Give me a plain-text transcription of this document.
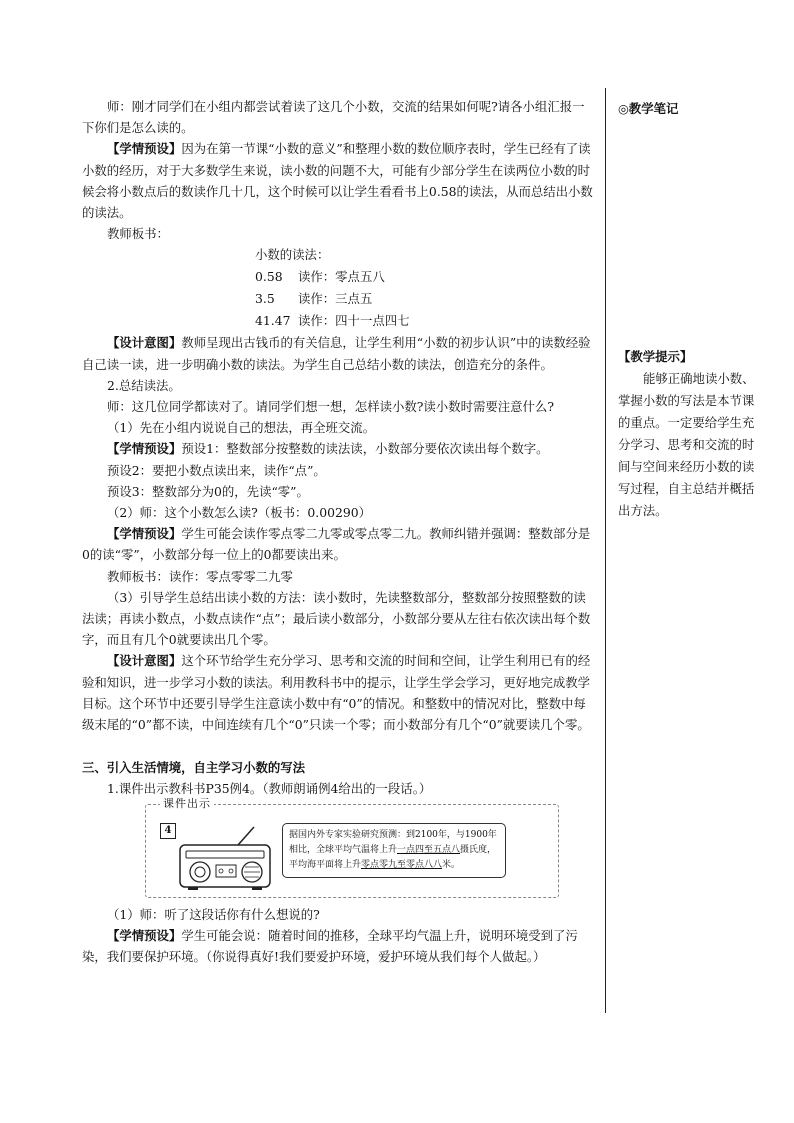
师：刚才同学们在小组内都尝试着读了这几个小数，交流的结果如何呢?请各小组汇报一下你们是怎么读的。

【学情预设】因为在第一节课“小数的意义”和整理小数的数位顺序表时，学生已经有了读小数的经历，对于大多数学生来说，读小数的问题不大，可能有少部分学生在读两位小数的时候会将小数点后的数读作几十几，这个时候可以让学生看看书上0.58的读法，从而总结出小数的读法。

教师板书：

小数的读法：
0.58 读作：零点五八
3.5 读作：三点五
41.47 读作：四十一点四七

【设计意图】教师呈现出古钱币的有关信息，让学生利用“小数的初步认识”中的读数经验自己读一读，进一步明确小数的读法。为学生自己总结小数的读法，创造充分的条件。

2.总结读法。

师：这几位同学都读对了。请同学们想一想，怎样读小数?读小数时需要注意什么?

（1）先在小组内说说自己的想法，再全班交流。

【学情预设】预设1：整数部分按整数的读法读，小数部分要依次读出每个数字。

预设2：要把小数点读出来，读作“点”。

预设3：整数部分为0的，先读“零”。

（2）师：这个小数怎么读?（板书：0.00290）

【学情预设】学生可能会读作零点零二九零或零点零二九。教师纠错并强调：整数部分是0的读“零”，小数部分每一位上的0都要读出来。

教师板书：读作：零点零零二九零

（3）引导学生总结出读小数的方法：读小数时，先读整数部分，整数部分按照整数的读法读；再读小数点，小数点读作“点”；最后读小数部分，小数部分要从左往右依次读出每个数字，而且有几个0就要读出几个零。

【设计意图】这个环节给学生充分学习、思考和交流的时间和空间，让学生利用已有的经验和知识，进一步学习小数的读法。利用教科书中的提示，让学生学会学习，更好地完成教学目标。这个环节中还要引导学生注意读小数中有“0”的情况。和整数中的情况对比，整数中每级末尾的“0”都不读，中间连续有几个“0”只读一个零；而小数部分有几个“0”就要读几个零。

三、引入生活情境，自主学习小数的写法

1.课件出示教科书P35例4。（教师朗诵例4给出的一段话。）

课件出示
4	据国内外专家实验研究预测：到2100年，与1900年相比，全球平均气温将上升一点四至五点八摄氏度，平均海平面将上升零点零九至零点八八米。

（1）师：听了这段话你有什么想说的?

【学情预设】学生可能会说：随着时间的推移，全球平均气温上升，说明环境受到了污染，我们要保护环境。（你说得真好!我们要爱护环境，爱护环境从我们每个人做起。）

◎教学笔记
【教学提示】
能够正确地读小数、掌握小数的写法是本节课的重点。一定要给学生充分学习、思考和交流的时间与空间来经历小数的读写过程，自主总结并概括出方法。
